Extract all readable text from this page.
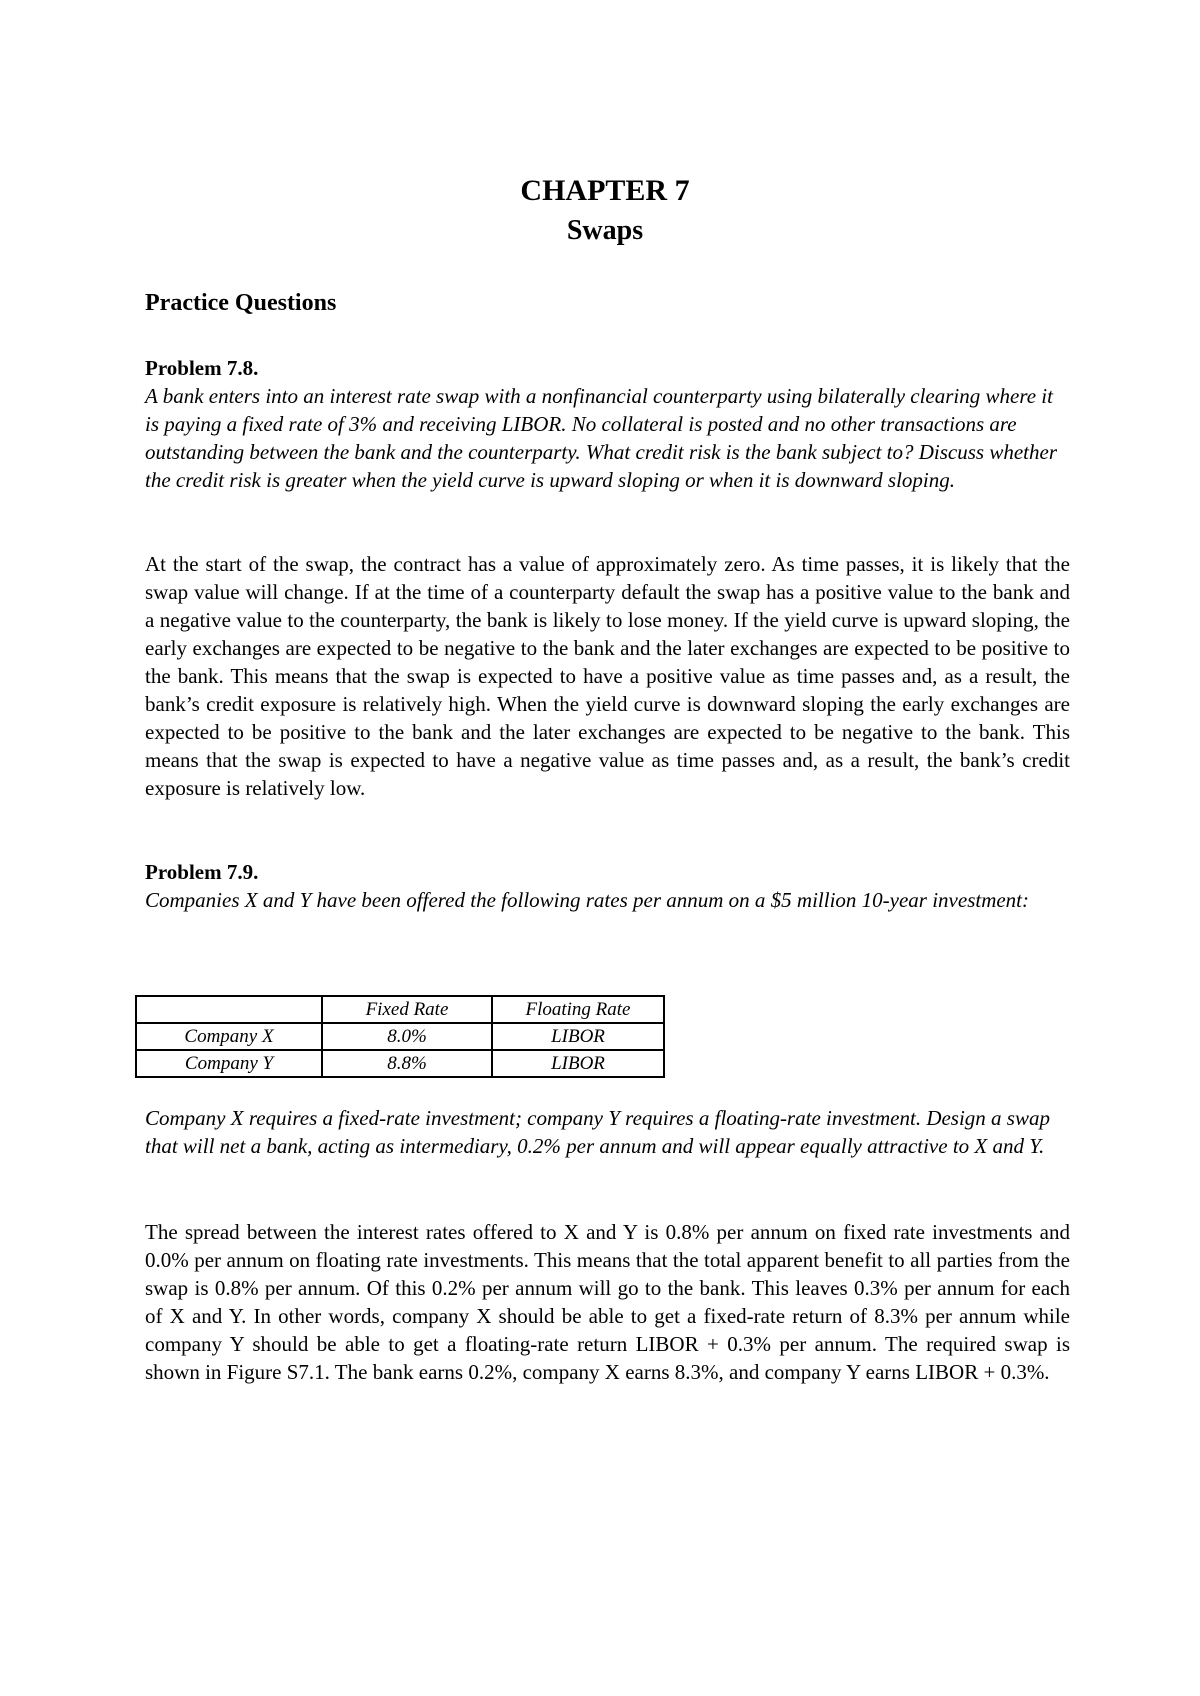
CHAPTER 7
Swaps
Practice Questions

Problem 7.8.

A bank enters into an interest rate swap with a nonfinancial counterparty using bilaterally clearing where it is paying a fixed rate of 3% and receiving LIBOR. No collateral is posted and no other transactions are outstanding between the bank and the counterparty. What credit risk is the bank subject to? Discuss whether the credit risk is greater when the yield curve is upward sloping or when it is downward sloping.

At the start of the swap, the contract has a value of approximately zero. As time passes, it is likely that the swap value will change. If at the time of a counterparty default the swap has a positive value to the bank and a negative value to the counterparty, the bank is likely to lose money. If the yield curve is upward sloping, the early exchanges are expected to be negative to the bank and the later exchanges are expected to be positive to the bank. This means that the swap is expected to have a positive value as time passes and, as a result, the bank’s credit exposure is relatively high. When the yield curve is downward sloping the early exchanges are expected to be positive to the bank and the later exchanges are expected to be negative to the bank. This means that the swap is expected to have a negative value as time passes and, as a result, the bank’s credit exposure is relatively low.

Problem 7.9.

Companies X and Y have been offered the following rates per annum on a $5 million 10-year investment:

	Fixed Rate	Floating Rate
Company X	8.0%	LIBOR
Company Y	8.8%	LIBOR

Company X requires a fixed-rate investment; company Y requires a floating-rate investment. Design a swap that will net a bank, acting as intermediary, 0.2% per annum and will appear equally attractive to X and Y.

The spread between the interest rates offered to X and Y is 0.8% per annum on fixed rate investments and 0.0% per annum on floating rate investments. This means that the total apparent benefit to all parties from the swap is 0.8% per annum. Of this 0.2% per annum will go to the bank. This leaves 0.3% per annum for each of X and Y. In other words, company X should be able to get a fixed-rate return of 8.3% per annum while company Y should be able to get a floating-rate return LIBOR + 0.3% per annum. The required swap is shown in Figure S7.1. The bank earns 0.2%, company X earns 8.3%, and company Y earns LIBOR + 0.3%.
